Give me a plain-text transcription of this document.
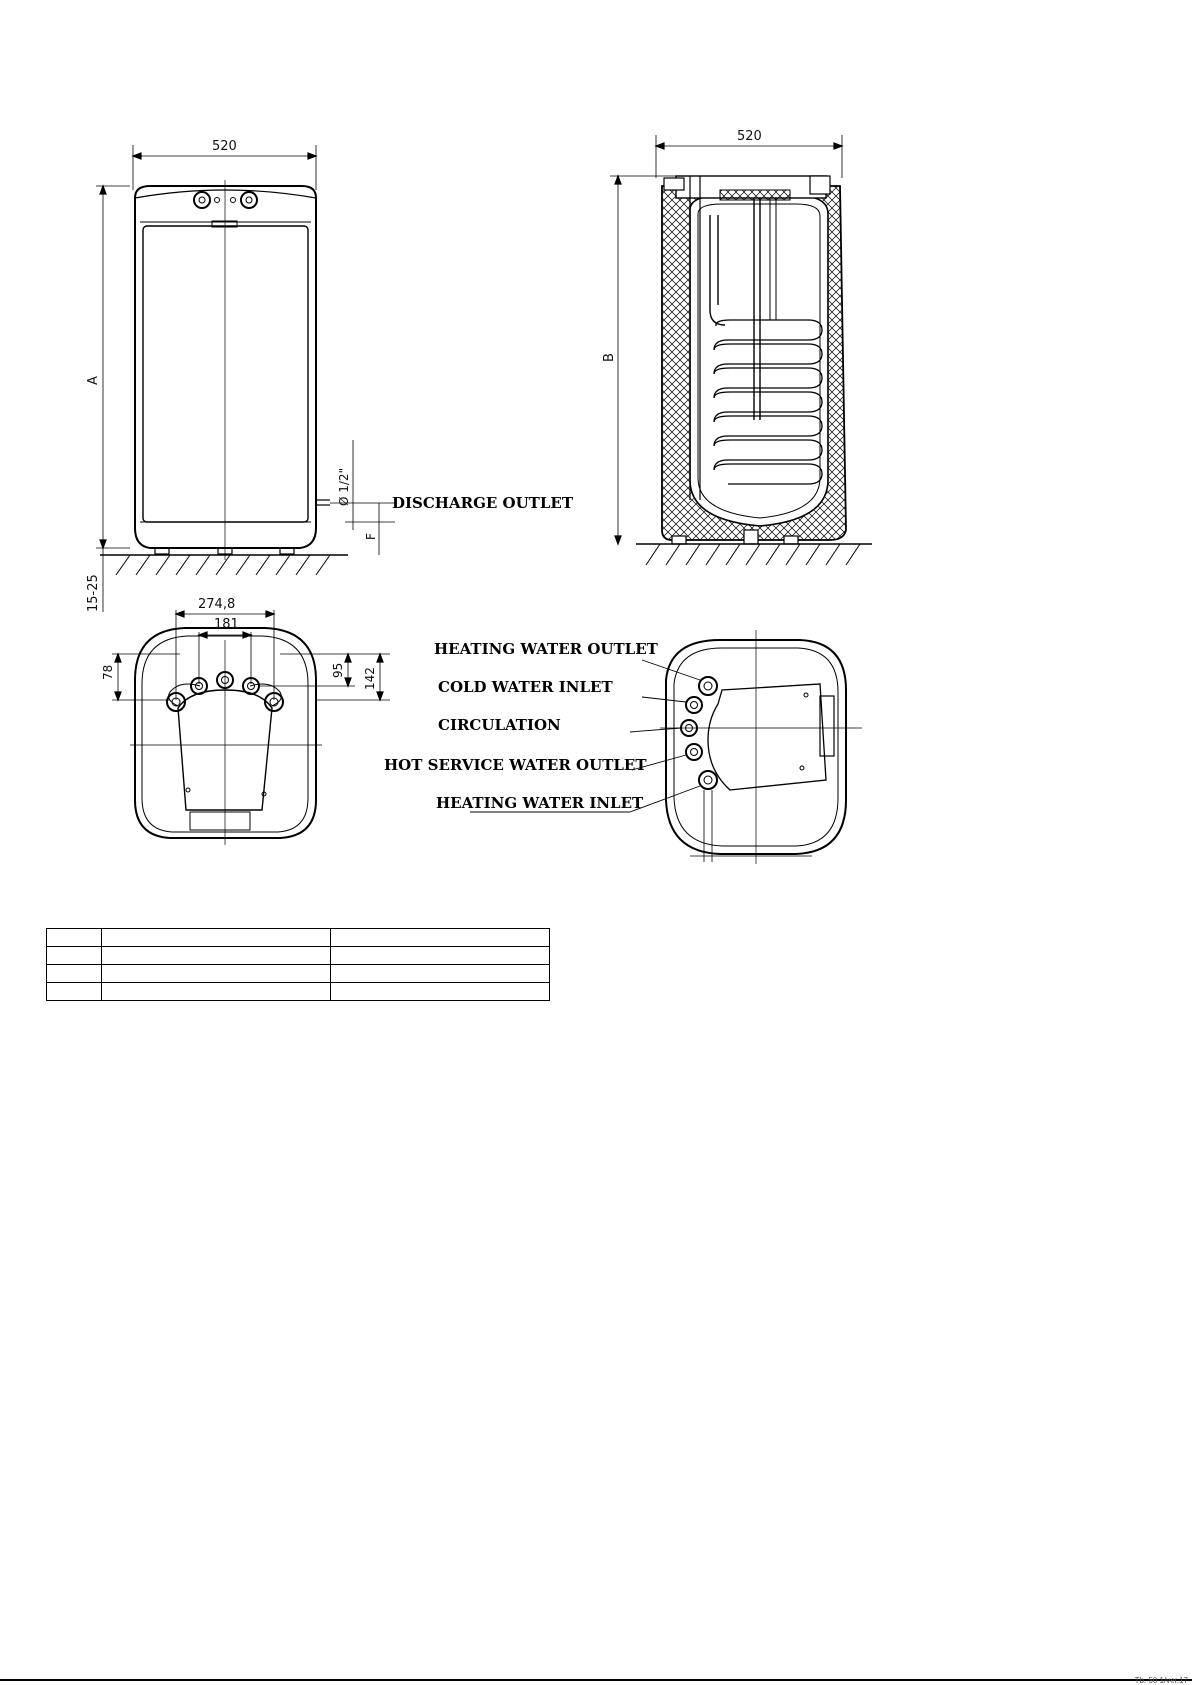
520
A
15-25
Ø 1/2"
F
DISCHARGE OUTLET
520
B
274,8
181
78	95 142
HEATING WATER OUTLET
COLD WATER INLET
CIRCULATION
HOT SERVICE WATER OUTLET
HEATING WATER INLET

Tb. 50 1/ver.17
